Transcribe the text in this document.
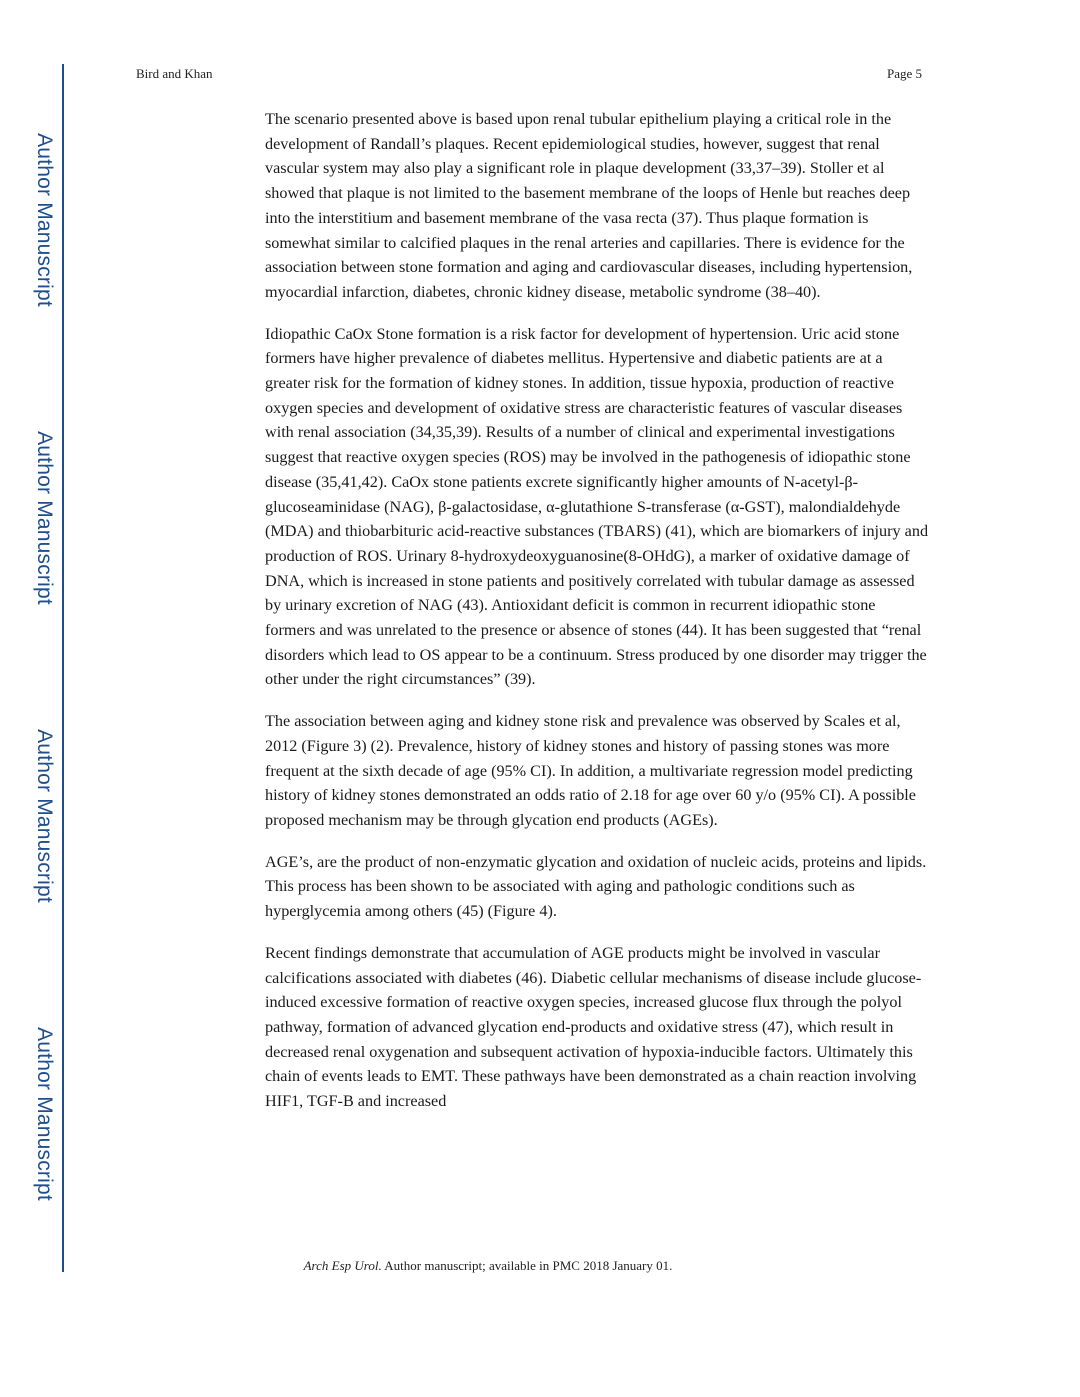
Author Manuscript
Author Manuscript
Author Manuscript
Author Manuscript
Bird and Khan	Page 5

The scenario presented above is based upon renal tubular epithelium playing a critical role in the development of Randall’s plaques. Recent epidemiological studies, however, suggest that renal vascular system may also play a significant role in plaque development (33,37–39). Stoller et al showed that plaque is not limited to the basement membrane of the loops of Henle but reaches deep into the interstitium and basement membrane of the vasa recta (37). Thus plaque formation is somewhat similar to calcified plaques in the renal arteries and capillaries. There is evidence for the association between stone formation and aging and cardiovascular diseases, including hypertension, myocardial infarction, diabetes, chronic kidney disease, metabolic syndrome (38–40).

Idiopathic CaOx Stone formation is a risk factor for development of hypertension. Uric acid stone formers have higher prevalence of diabetes mellitus. Hypertensive and diabetic patients are at a greater risk for the formation of kidney stones. In addition, tissue hypoxia, production of reactive oxygen species and development of oxidative stress are characteristic features of vascular diseases with renal association (34,35,39). Results of a number of clinical and experimental investigations suggest that reactive oxygen species (ROS) may be involved in the pathogenesis of idiopathic stone disease (35,41,42). CaOx stone patients excrete significantly higher amounts of N-acetyl-β-glucoseaminidase (NAG), β-galactosidase, α-glutathione S-transferase (α-GST), malondialdehyde (MDA) and thiobarbituric acid-reactive substances (TBARS) (41), which are biomarkers of injury and production of ROS. Urinary 8-hydroxydeoxyguanosine(8-OHdG), a marker of oxidative damage of DNA, which is increased in stone patients and positively correlated with tubular damage as assessed by urinary excretion of NAG (43). Antioxidant deficit is common in recurrent idiopathic stone formers and was unrelated to the presence or absence of stones (44). It has been suggested that “renal disorders which lead to OS appear to be a continuum. Stress produced by one disorder may trigger the other under the right circumstances” (39).

The association between aging and kidney stone risk and prevalence was observed by Scales et al, 2012 (Figure 3) (2). Prevalence, history of kidney stones and history of passing stones was more frequent at the sixth decade of age (95% CI). In addition, a multivariate regression model predicting history of kidney stones demonstrated an odds ratio of 2.18 for age over 60 y/o (95% CI). A possible proposed mechanism may be through glycation end products (AGEs).

AGE’s, are the product of non-enzymatic glycation and oxidation of nucleic acids, proteins and lipids. This process has been shown to be associated with aging and pathologic conditions such as hyperglycemia among others (45) (Figure 4).

Recent findings demonstrate that accumulation of AGE products might be involved in vascular calcifications associated with diabetes (46). Diabetic cellular mechanisms of disease include glucose-induced excessive formation of reactive oxygen species, increased glucose flux through the polyol pathway, formation of advanced glycation end-products and oxidative stress (47), which result in decreased renal oxygenation and subsequent activation of hypoxia-inducible factors. Ultimately this chain of events leads to EMT. These pathways have been demonstrated as a chain reaction involving HIF1, TGF-B and increased

Arch Esp Urol. Author manuscript; available in PMC 2018 January 01.
